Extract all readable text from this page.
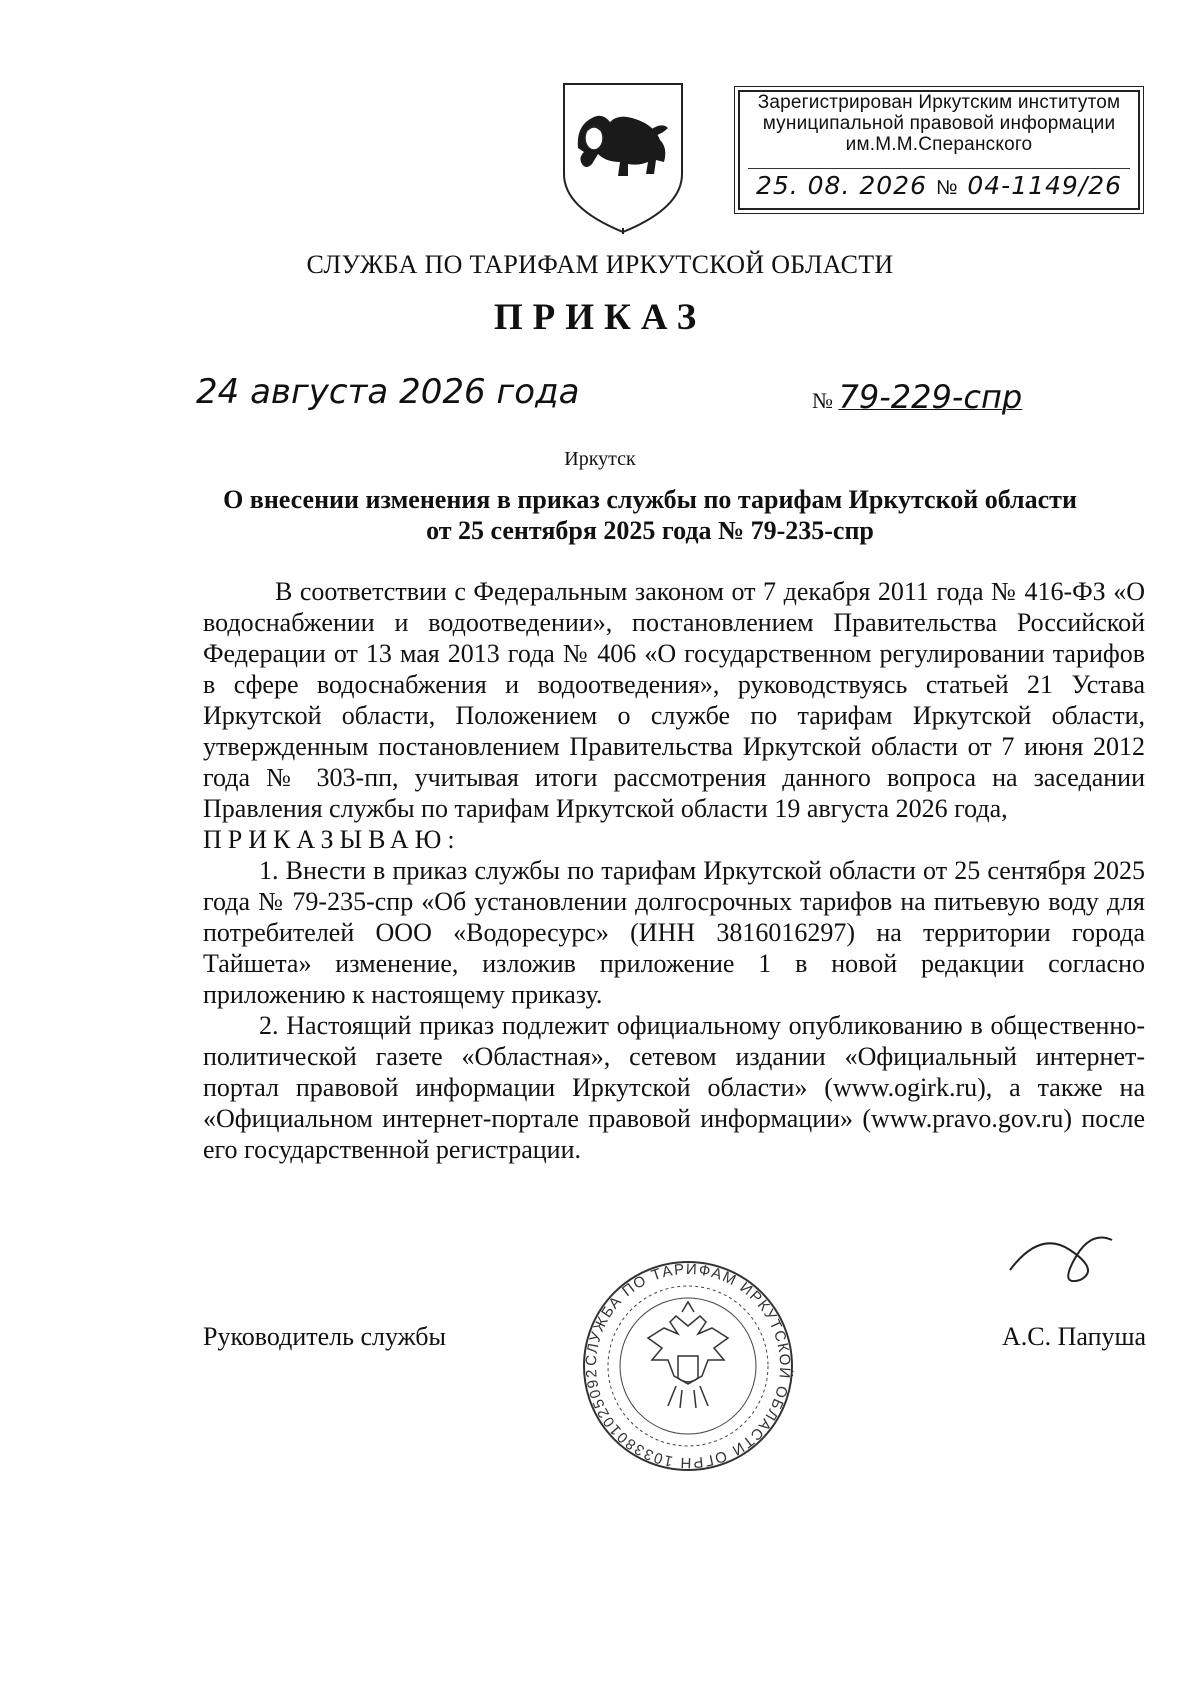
Зарегистрирован Иркутским институтом
муниципальной правовой информации
им.М.М.Сперанского
25. 08. 2026 № 04-1149/26
СЛУЖБА ПО ТАРИФАМ ИРКУТСКОЙ ОБЛАСТИ
ПРИКАЗ
24 августа 2026 года	№ 79-229-спр
Иркутск
О внесении изменения в приказ службы по тарифам Иркутской области
от 25 сентября 2025 года № 79-235-спр

В соответствии с Федеральным законом от 7 декабря 2011 года № 416-ФЗ «О водоснабжении и водоотведении», постановлением Правительства Российской Федерации от 13 мая 2013 года № 406 «О государственном регулировании тарифов в сфере водоснабжения и водоотведения», руководствуясь статьей 21 Устава Иркутской области, Положением о службе по тарифам Иркутской области, утвержденным постановлением Правительства Иркутской области от 7 июня 2012 года № 303-пп, учитывая итоги рассмотрения данного вопроса на заседании Правления службы по тарифам Иркутской области 19 августа 2026 года,

ПРИКАЗЫВАЮ:

1. Внести в приказ службы по тарифам Иркутской области от 25 сентября 2025 года № 79-235-спр «Об установлении долгосрочных тарифов на питьевую воду для потребителей ООО «Водоресурс» (ИНН 3816016297) на территории города Тайшета» изменение, изложив приложение 1 в новой редакции согласно приложению к настоящему приказу.

2. Настоящий приказ подлежит официальному опубликованию в общественно-политической газете «Областная», сетевом издании «Официальный интернет-портал правовой информации Иркутской области» (www.ogirk.ru), а также на «Официальном интернет-портале правовой информации» (www.pravo.gov.ru) после его государственной регистрации.

Руководитель службы	А.С. Папуша
СЛУЖБА ПО ТАРИФАМ ИРКУТСКОЙ ОБЛАСТИ ОГРН 1033801025092
